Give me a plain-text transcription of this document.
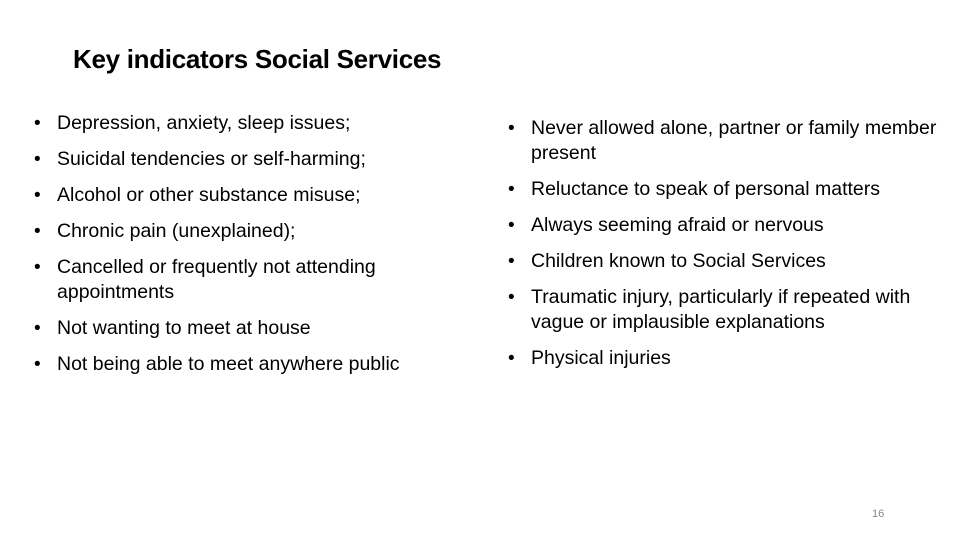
Key indicators Social Services
• Depression, anxiety, sleep issues;
• Suicidal tendencies or self-harming;
• Alcohol or other substance misuse;
• Chronic pain (unexplained);
• Cancelled or frequently not attending appointments
• Not wanting to meet at house
• Not being able to meet anywhere public
• Never allowed alone, partner or family member present
• Reluctance to speak of personal matters
• Always seeming afraid or nervous
• Children known to Social Services
• Traumatic injury, particularly if repeated with vague or implausible explanations
• Physical injuries
16
